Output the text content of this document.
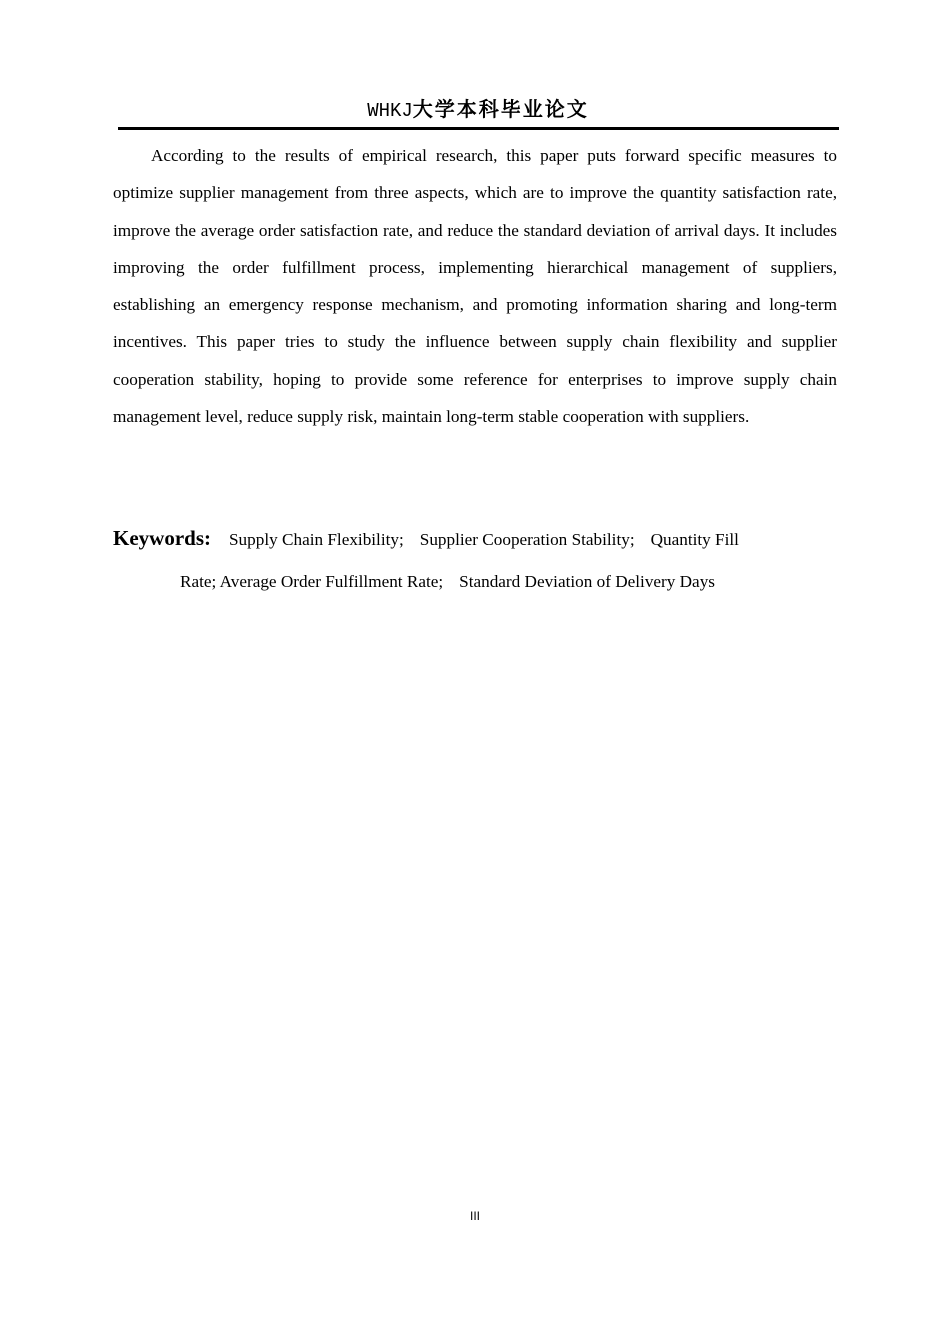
WHKJ大学本科毕业论文

According to the results of empirical research, this paper puts forward specific measures to optimize supplier management from three aspects, which are to improve the quantity satisfaction rate, improve the average order satisfaction rate, and reduce the standard deviation of arrival days. It includes improving the order fulfillment process, implementing hierarchical management of suppliers, establishing an emergency response mechanism, and promoting information sharing and long-term incentives. This paper tries to study the influence between supply chain flexibility and supplier cooperation stability, hoping to provide some reference for enterprises to improve supply chain management level, reduce supply risk, maintain long-term stable cooperation with suppliers.

Keywords: Supply Chain Flexibility; Supplier Cooperation Stability; Quantity Fill
Rate; Average Order Fulfillment Rate; Standard Deviation of Delivery Days
III
